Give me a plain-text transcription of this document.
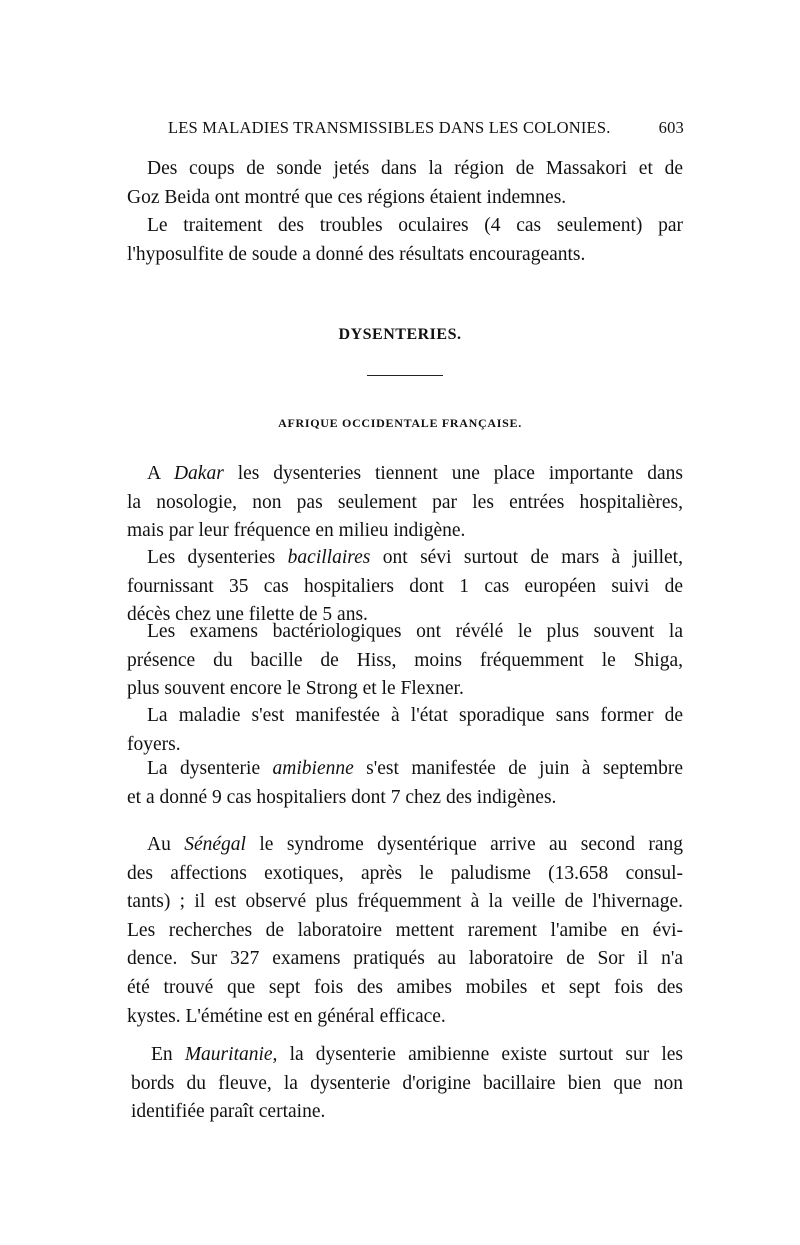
LES MALADIES TRANSMISSIBLES DANS LES COLONIES.	603
Des coups de sonde jetés dans la région de Massakori et de
Goz Beida ont montré que ces régions étaient indemnes.
Le traitement des troubles oculaires (4 cas seulement) par
l'hyposulfite de soude a donné des résultats encourageants.
DYSENTERIES.
AFRIQUE OCCIDENTALE FRANÇAISE.
A Dakar les dysenteries tiennent une place importante dans
la nosologie, non pas seulement par les entrées hospitalières,
mais par leur fréquence en milieu indigène.
Les dysenteries bacillaires ont sévi surtout de mars à juillet,
fournissant 35 cas hospitaliers dont 1 cas européen suivi de
décès chez une filette de 5 ans.
Les examens bactériologiques ont révélé le plus souvent la
présence du bacille de Hiss, moins fréquemment le Shiga,
plus souvent encore le Strong et le Flexner.
La maladie s'est manifestée à l'état sporadique sans former de
foyers.
La dysenterie amibienne s'est manifestée de juin à septembre
et a donné 9 cas hospitaliers dont 7 chez des indigènes.
Au Sénégal le syndrome dysentérique arrive au second rang
des affections exotiques, après le paludisme (13.658 consul-
tants) ; il est observé plus fréquemment à la veille de l'hivernage.
Les recherches de laboratoire mettent rarement l'amibe en évi-
dence. Sur 327 examens pratiqués au laboratoire de Sor il n'a
été trouvé que sept fois des amibes mobiles et sept fois des
kystes. L'émétine est en général efficace.
En Mauritanie, la dysenterie amibienne existe surtout sur les
bords du fleuve, la dysenterie d'origine bacillaire bien que non
identifiée paraît certaine.
